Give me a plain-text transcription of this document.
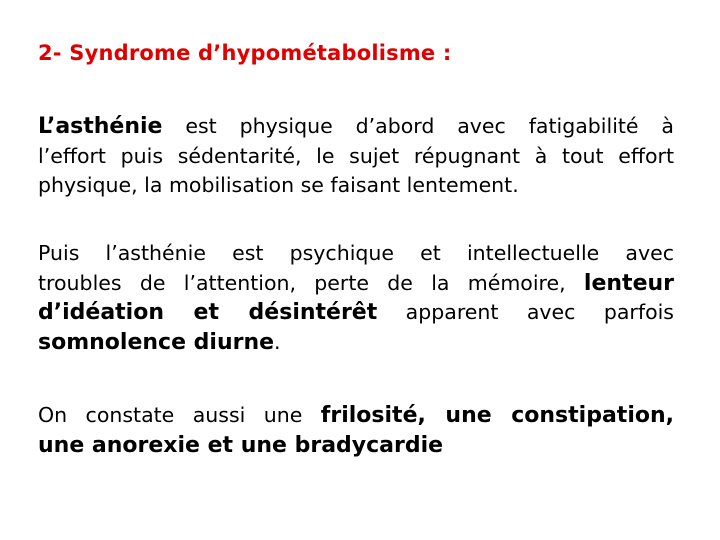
2- Syndrome d’hypométabolisme :
L’asthénie est physique d’abord avec fatigabilité à
l’effort puis sédentarité, le sujet répugnant à tout effort
physique, la mobilisation se faisant lentement.
Puis l’asthénie est psychique et intellectuelle avec
troubles de l’attention, perte de la mémoire, lenteur
d’idéation et désintérêt apparent avec parfois
somnolence diurne.
On constate aussi une frilosité, une constipation,
une anorexie et une bradycardie
